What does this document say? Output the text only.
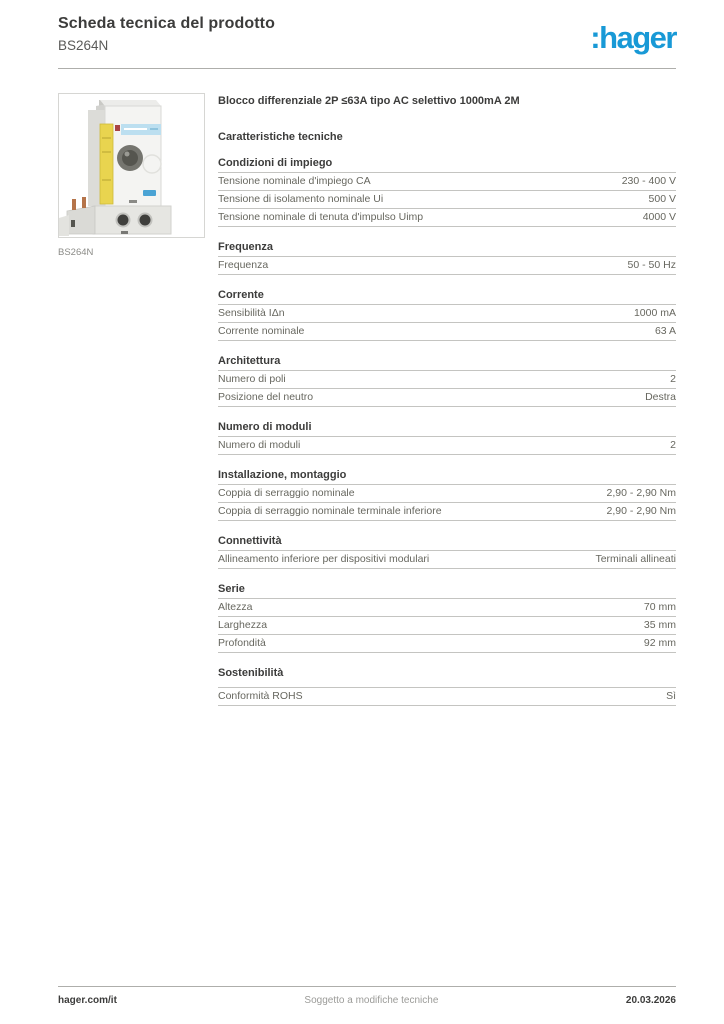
Scheda tecnica del prodotto
BS264N	:hager
BS264N
Blocco differenziale 2P ≤63A tipo AC selettivo 1000mA 2M
Caratteristiche tecniche
Condizioni di impiego
Tensione nominale d'impiego CA	230 - 400 V
Tensione di isolamento nominale Ui	500 V
Tensione nominale di tenuta d'impulso Uimp	4000 V
Frequenza
Frequenza	50 - 50 Hz
Corrente
Sensibilità IΔn	1000 mA
Corrente nominale	63 A
Architettura
Numero di poli	2
Posizione del neutro	Destra
Numero di moduli
Numero di moduli	2
Installazione, montaggio
Coppia di serraggio nominale	2,90 - 2,90 Nm
Coppia di serraggio nominale terminale inferiore	2,90 - 2,90 Nm
Connettività
Allineamento inferiore per dispositivi modulari	Terminali allineati
Serie
Altezza	70 mm
Larghezza	35 mm
Profondità	92 mm
Sostenibilità
Conformità ROHS	Sì
hager.com/it	Soggetto a modifiche tecniche	20.03.2026
